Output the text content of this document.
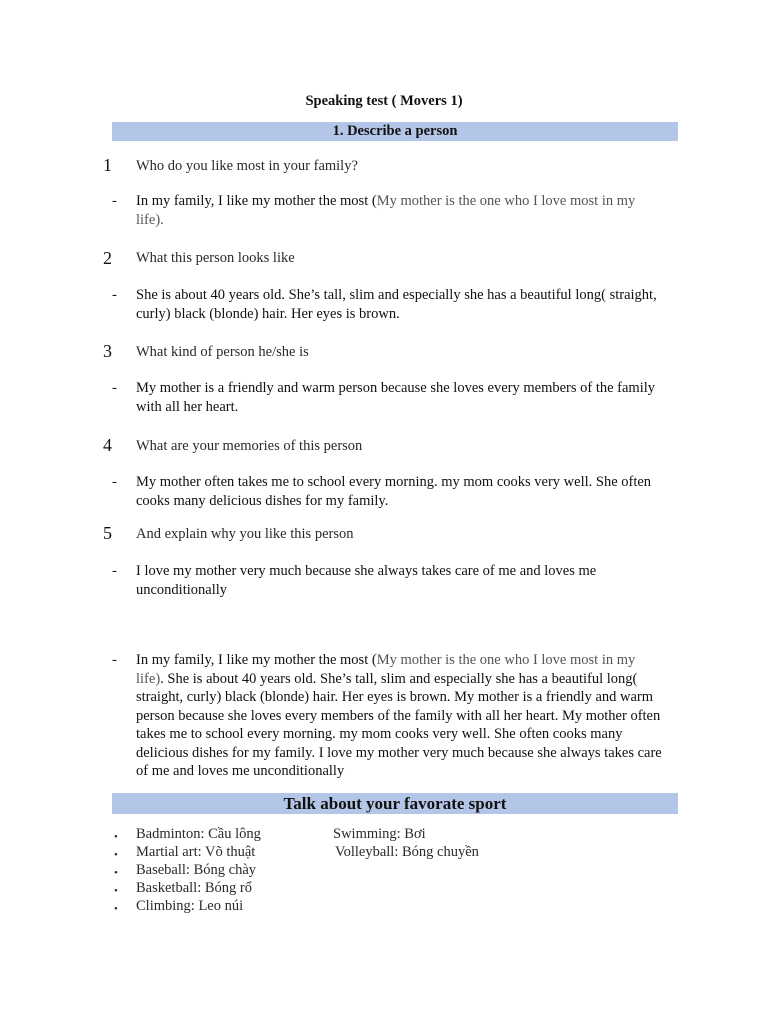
Speaking test ( Movers 1)
1. Describe a person
1 Who do you like most in your family?
- In my family, I like my mother the most (My mother is the one who I love most in my life).
2 What this person looks like
- She is about 40 years old. She’s tall, slim and especially she has a beautiful long( straight, curly) black (blonde) hair. Her eyes is brown.
3 What kind of person he/she is
- My mother is a friendly and warm person because she loves every members of the family with all her heart.
4 What are your memories of this person
- My mother often takes me to school every morning. my mom cooks very well. She often cooks many delicious dishes for my family.
5 And explain why you like this person
- I love my mother very much because she always takes care of me and loves me unconditionally
- In my family, I like my mother the most (My mother is the one who I love most in my life). She is about 40 years old. She’s tall, slim and especially she has a beautiful long( straight, curly) black (blonde) hair. Her eyes is brown. My mother is a friendly and warm person because she loves every members of the family with all her heart. My mother often takes me to school every morning. my mom cooks very well. She often cooks many delicious dishes for my family. I love my mother very much because she always takes care of me and loves me unconditionally
Talk about your favorate sport
• Badminton: Cầu lông
• Martial art: Võ thuật
• Baseball: Bóng chày
• Basketball: Bóng rổ
• Climbing: Leo núi
Swimming: Bơi
Volleyball: Bóng chuyền
